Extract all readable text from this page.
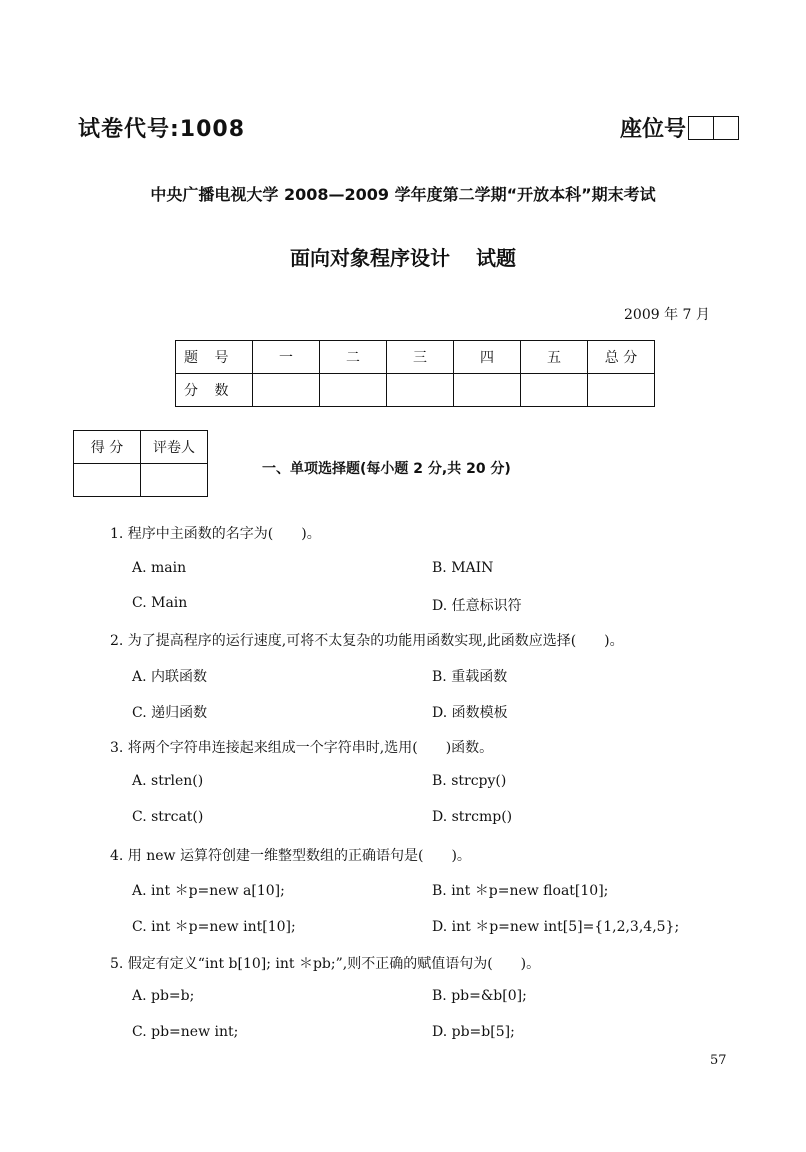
试卷代号:1008	座位号
中央广播电视大学 2008—2009 学年度第二学期“开放本科”期末考试
面向对象程序设计 试题
2009 年 7 月
题 号	一	二	三	四	五	总 分
分 数						
得 分	评卷人

一、单项选择题(每小题 2 分,共 20 分)
1. 程序中主函数的名字为(　　)。
A. main	B. MAIN
C. Main	D. 任意标识符
2. 为了提高程序的运行速度,可将不太复杂的功能用函数实现,此函数应选择(　　)。
A. 内联函数	B. 重载函数
C. 递归函数	D. 函数模板
3. 将两个字符串连接起来组成一个字符串时,选用(　　)函数。
A. strlen()	B. strcpy()
C. strcat()	D. strcmp()
4. 用 new 运算符创建一维整型数组的正确语句是(　　)。
A. int ＊p=new a[10];	B. int ＊p=new float[10];
C. int ＊p=new int[10];	D. int ＊p=new int[5]={1,2,3,4,5};
5. 假定有定义“int b[10]; int ＊pb;”,则不正确的赋值语句为(　　)。
A. pb=b;	B. pb=&b[0];
C. pb=new int;	D. pb=b[5];
57
